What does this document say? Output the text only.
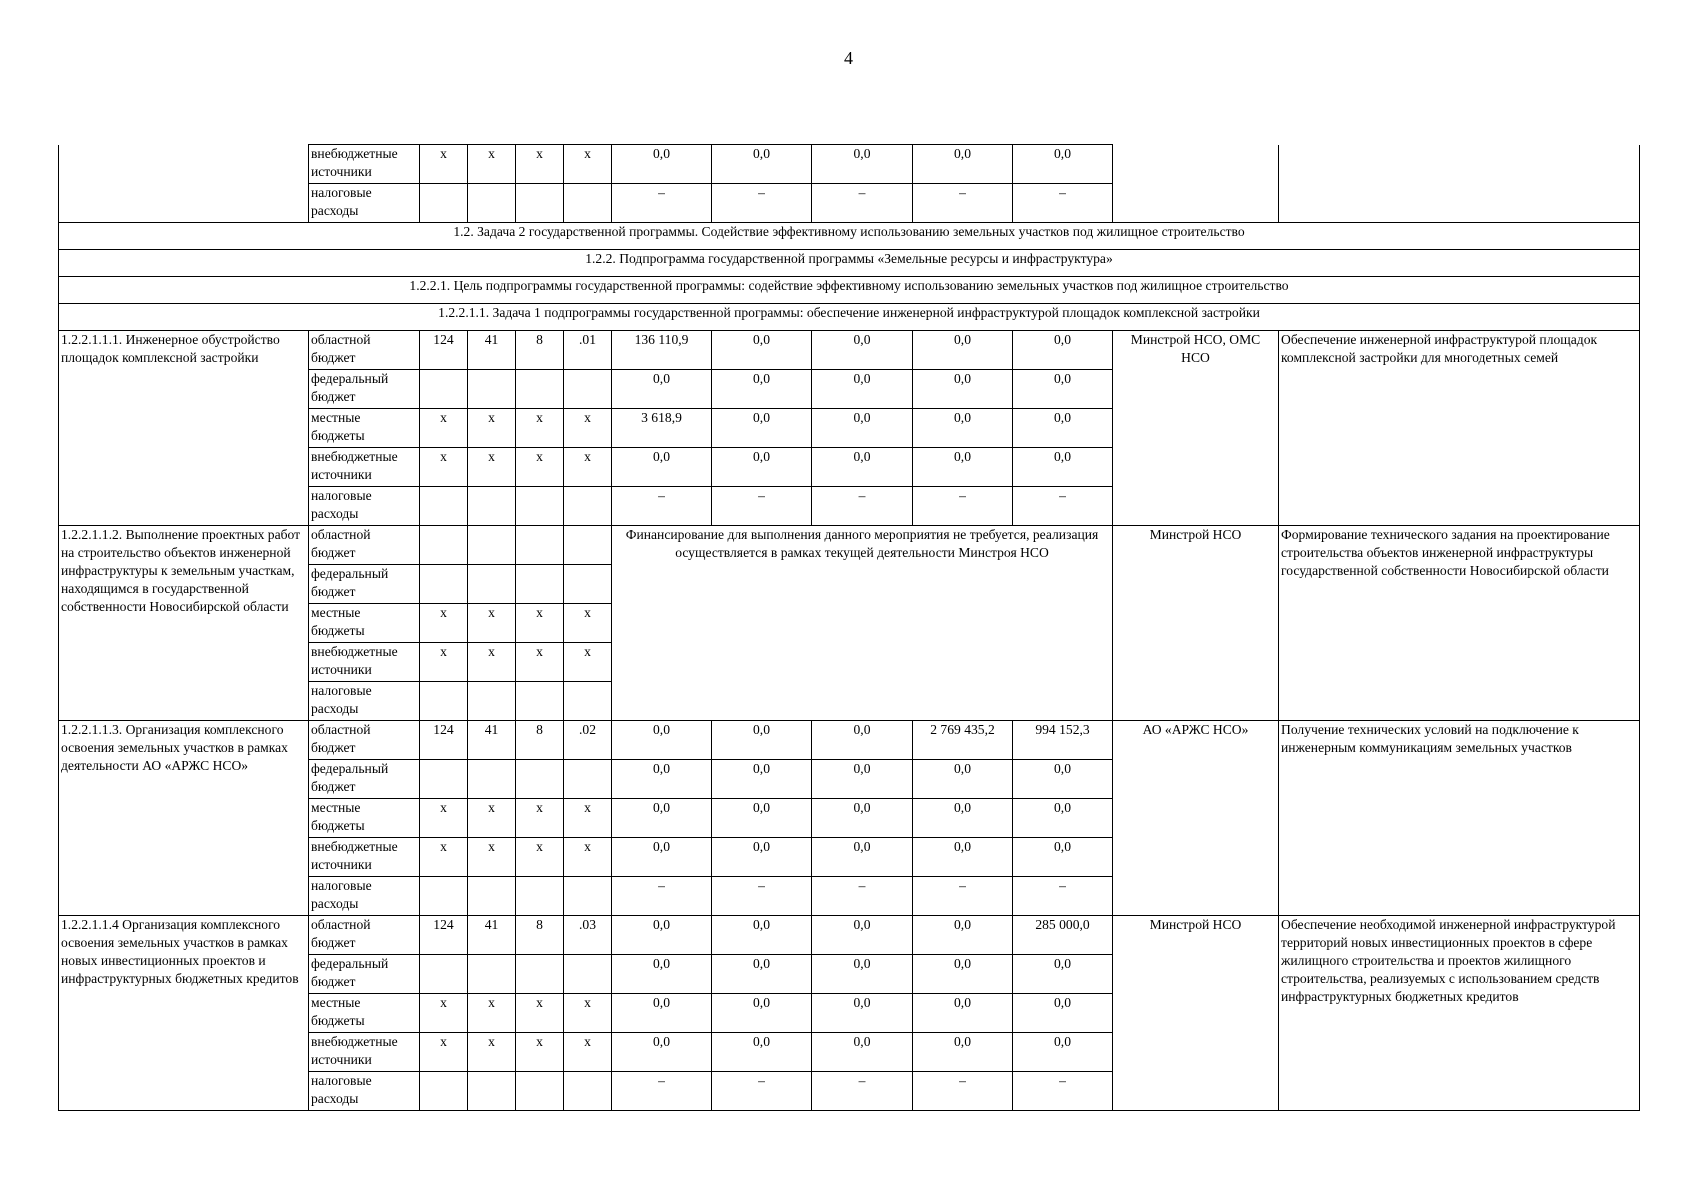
4
	внебюджетные источники	x	x	x	x	0,0	0,0	0,0	0,0	0,0		
	налоговые расходы					–	–	–	–	–		
1.2. Задача 2 государственной программы. Содействие эффективному использованию земельных участков под жилищное строительство												
1.2.2. Подпрограмма государственной программы «Земельные ресурсы и инфраструктура»												
1.2.2.1. Цель подпрограммы государственной программы: содействие эффективному использованию земельных участков под жилищное строительство												
1.2.2.1.1. Задача 1 подпрограммы государственной программы: обеспечение инженерной инфраструктурой площадок комплексной застройки												
1.2.2.1.1.1. Инженерное обустройство площадок комплексной застройки	областной бюджет	124	41	8	.01	136 110,9	0,0	0,0	0,0	0,0	Минстрой НСО, ОМС НСО	Обеспечение инженерной инфраструктурой площадок комплексной застройки для многодетных семей
	федеральный бюджет					0,0	0,0	0,0	0,0	0,0		
	местные бюджеты	x	x	x	x	3 618,9	0,0	0,0	0,0	0,0		
	внебюджетные источники	x	x	x	x	0,0	0,0	0,0	0,0	0,0		
	налоговые расходы					–	–	–	–	–		
1.2.2.1.1.2. Выполнение проектных работ на строительство объектов инженерной инфраструктуры к земельным участкам, находящимся в государственной собственности Новосибирской области	областной бюджет					Финансирование для выполнения данного мероприятия не требуется, реализация осуществляется в рамках текущей деятельности Минстроя НСО					Минстрой НСО	Формирование технического задания на проектирование строительства объектов инженерной инфраструктуры государственной собственности Новосибирской области
	федеральный бюджет											
	местные бюджеты	x	x	x	x							
	внебюджетные источники	x	x	x	x							
	налоговые расходы											
1.2.2.1.1.3. Организация комплексного освоения земельных участков в рамках деятельности АО «АРЖС НСО»	областной бюджет	124	41	8	.02	0,0	0,0	0,0	2 769 435,2	994 152,3	АО «АРЖС НСО»	Получение технических условий на подключение к инженерным коммуникациям земельных участков
	федеральный бюджет					0,0	0,0	0,0	0,0	0,0		
	местные бюджеты	x	x	x	x	0,0	0,0	0,0	0,0	0,0		
	внебюджетные источники	x	x	x	x	0,0	0,0	0,0	0,0	0,0		
	налоговые расходы					–	–	–	–	–		
1.2.2.1.1.4 Организация комплексного освоения земельных участков в рамках новых инвестиционных проектов и инфраструктурных бюджетных кредитов	областной бюджет	124	41	8	.03	0,0	0,0	0,0	0,0	285 000,0	Минстрой НСО	Обеспечение необходимой инженерной инфраструктурой территорий новых инвестиционных проектов в сфере жилищного строительства и проектов жилищного строительства, реализуемых с использованием средств инфраструктурных бюджетных кредитов
	федеральный бюджет					0,0	0,0	0,0	0,0	0,0		
	местные бюджеты	x	x	x	x	0,0	0,0	0,0	0,0	0,0		
	внебюджетные источники	x	x	x	x	0,0	0,0	0,0	0,0	0,0		
	налоговые расходы					–	–	–	–	–		
